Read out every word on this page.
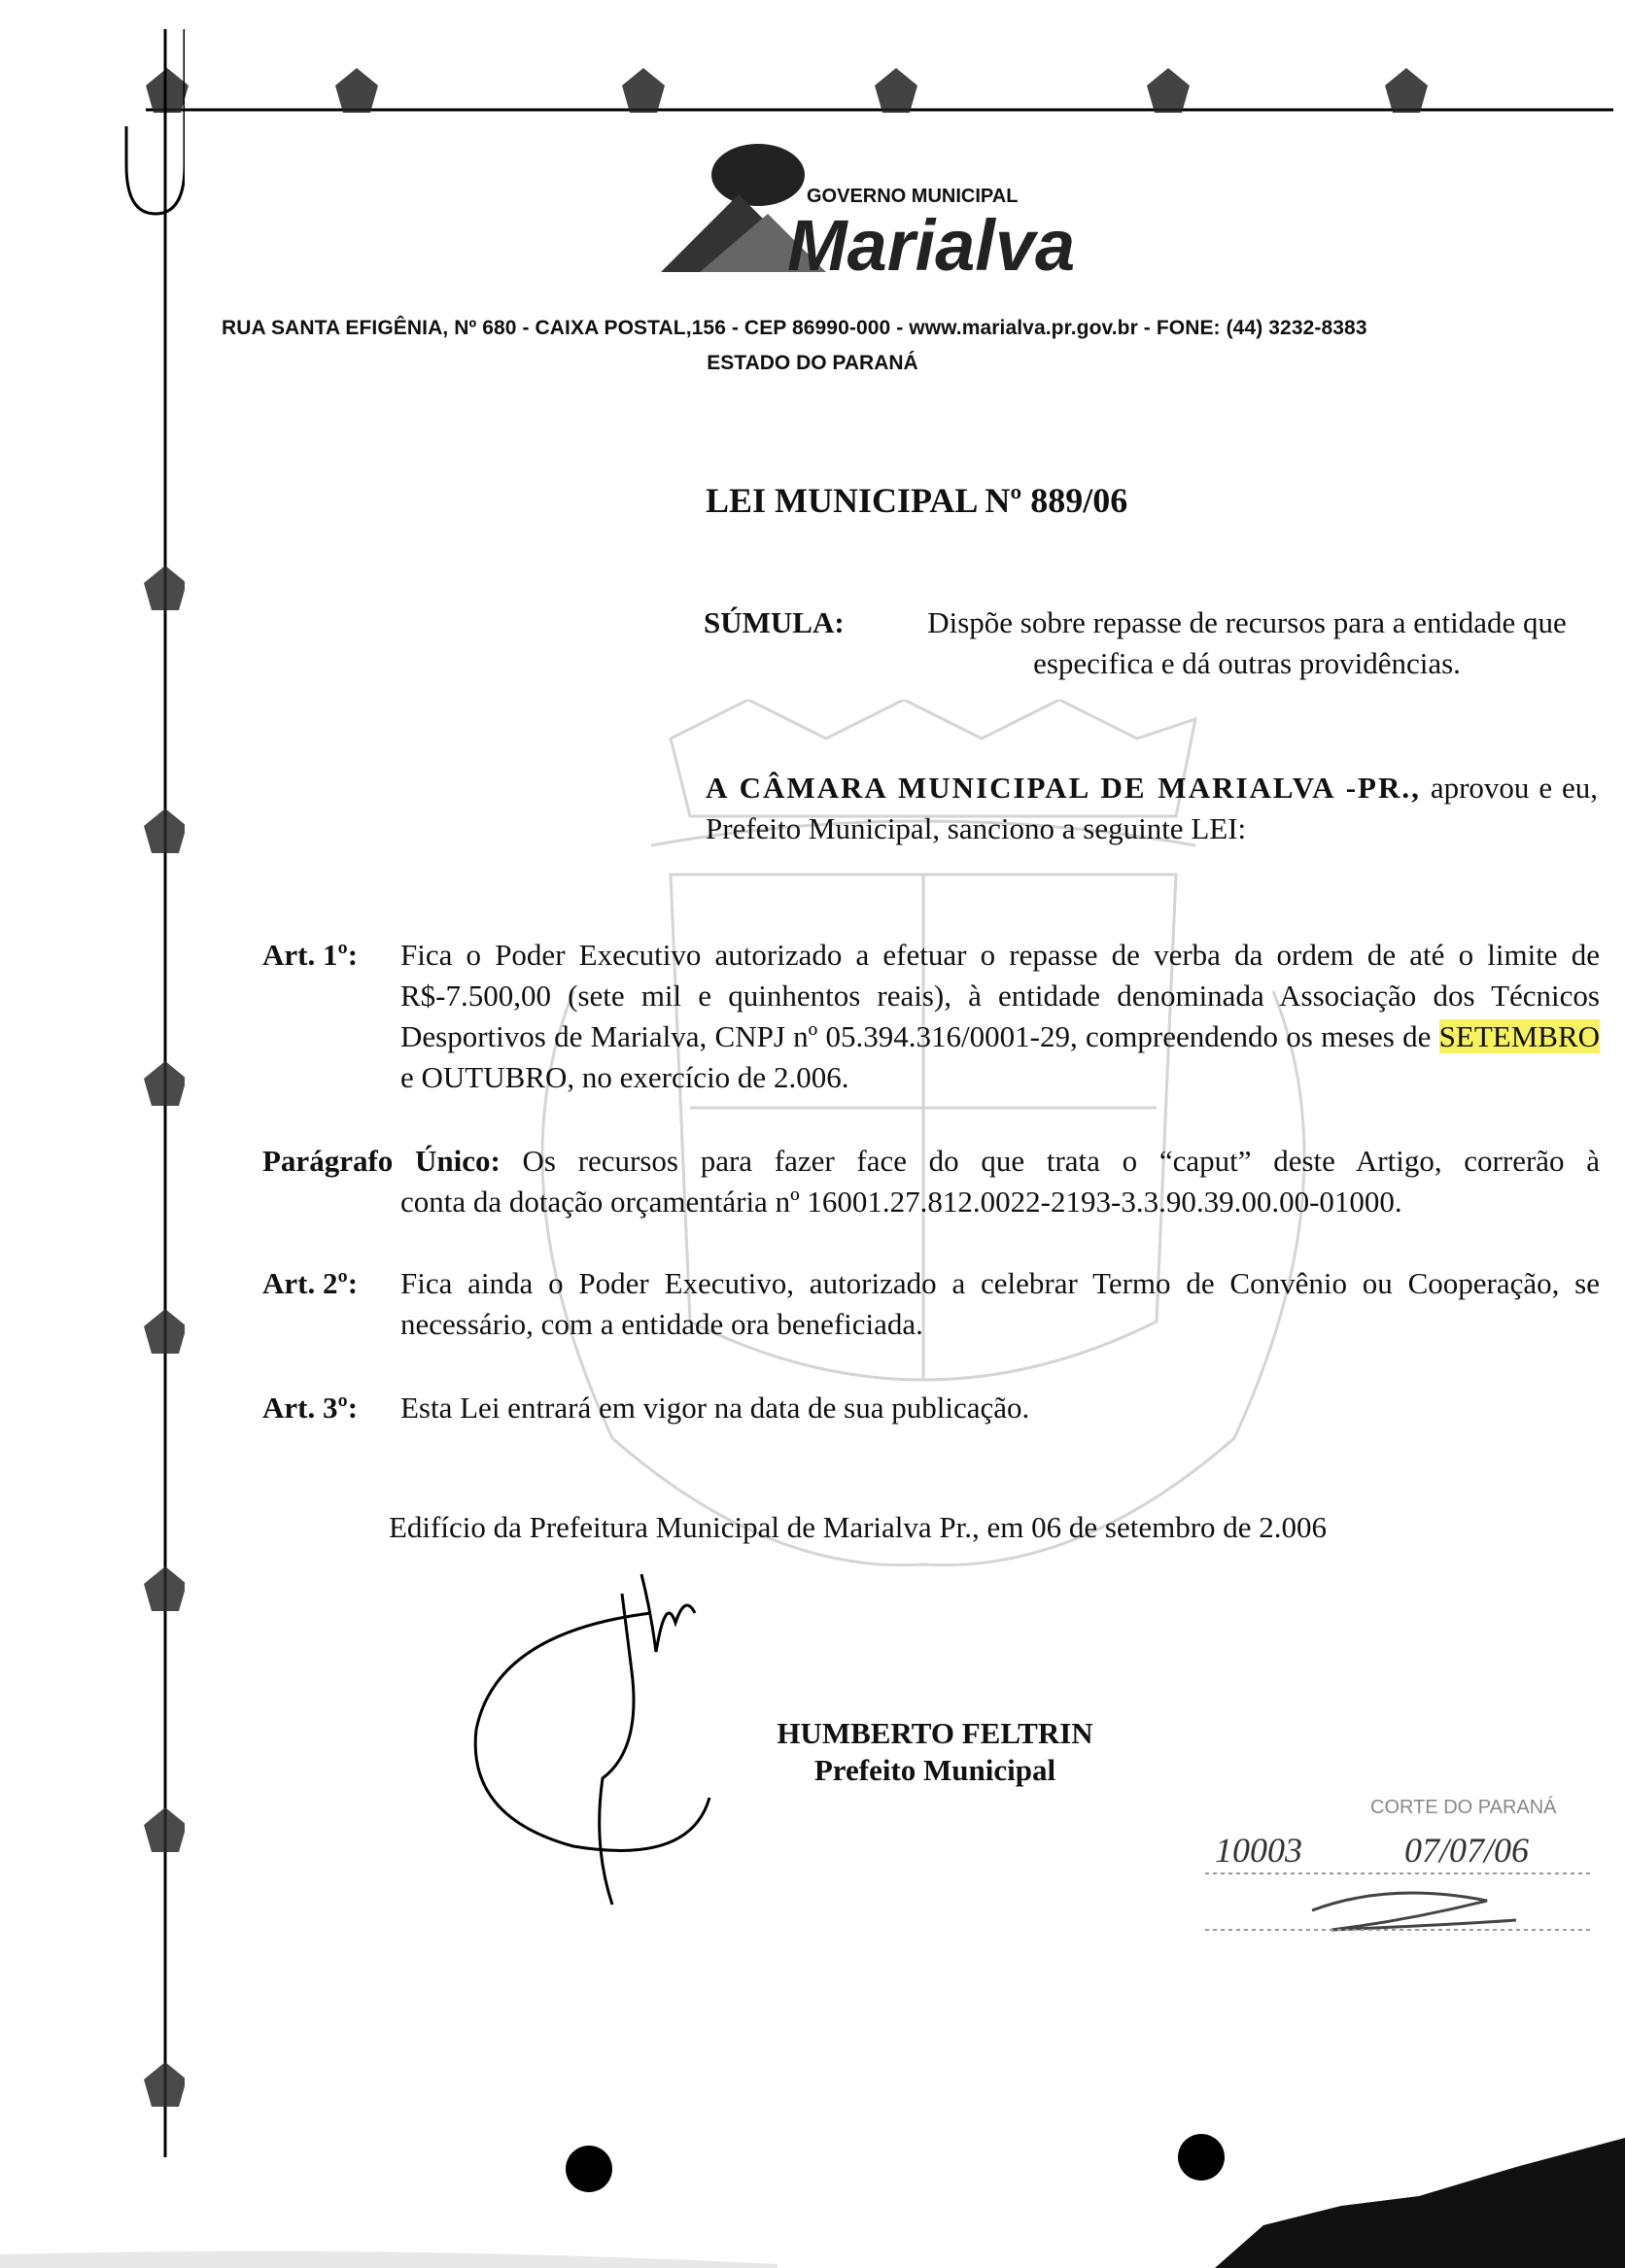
GOVERNO MUNICIPAL
Marialva
RUA SANTA EFIGÊNIA, Nº 680 - CAIXA POSTAL,156 - CEP 86990-000 - www.marialva.pr.gov.br - FONE: (44) 3232-8383
ESTADO DO PARANÁ
LEI MUNICIPAL Nº 889/06
SÚMULA:	Dispõe sobre repasse de recursos para a entidade que especifica e dá outras providências.
A CÂMARA MUNICIPAL DE MARIALVA -PR., aprovou e eu, Prefeito Municipal, sanciono a seguinte LEI:
Art. 1º: Fica o Poder Executivo autorizado a efetuar o repasse de verba da ordem de até o limite de R$-7.500,00 (sete mil e quinhentos reais), à entidade denominada Associação dos Técnicos Desportivos de Marialva, CNPJ nº 05.394.316/0001-29, compreendendo os meses de SETEMBRO e OUTUBRO, no exercício de 2.006.
Parágrafo Único: Os recursos para fazer face do que trata o “caput” deste Artigo, correrão à
conta da dotação orçamentária nº 16001.27.812.0022-2193-3.3.90.39.00.00-01000.
Art. 2º: Fica ainda o Poder Executivo, autorizado a celebrar Termo de Convênio ou Cooperação, se necessário, com a entidade ora beneficiada.
Art. 3º: Esta Lei entrará em vigor na data de sua publicação.
Edifício da Prefeitura Municipal de Marialva Pr., em 06 de setembro de 2.006
HUMBERTO FELTRIN
Prefeito Municipal
CORTE DO PARANÁ
10003	07/07/06
